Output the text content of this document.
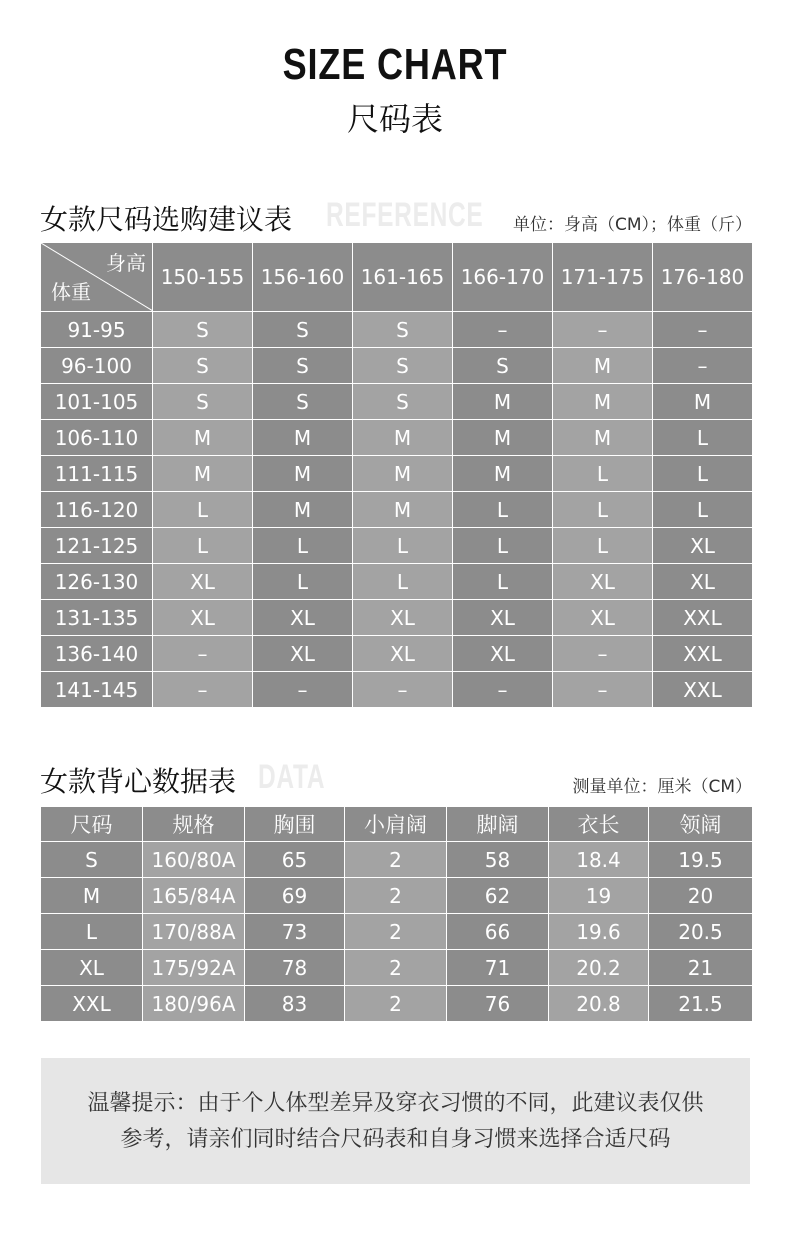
SIZE CHART
尺码表
女款尺码选购建议表 REFERENCE 单位：身高（CM）；体重（斤）
身高
体重	150-155	156-160	161-165	166-170	171-175	176-180
91-95	S	S	S	–	–	–
96-100	S	S	S	S	M	–
101-105	S	S	S	M	M	M
106-110	M	M	M	M	M	L
111-115	M	M	M	M	L	L
116-120	L	M	M	L	L	L
121-125	L	L	L	L	L	XL
126-130	XL	L	L	L	XL	XL
131-135	XL	XL	XL	XL	XL	XXL
136-140	–	XL	XL	XL	–	XXL
141-145	–	–	–	–	–	XXL
女款背心数据表 DATA	测量单位：厘米（CM）
尺码	规格	胸围	小肩阔	脚阔	衣长	领阔
S	160/80A	65	2	58	18.4	19.5
M	165/84A	69	2	62	19	20
L	170/88A	73	2	66	19.6	20.5
XL	175/92A	78	2	71	20.2	21
XXL	180/96A	83	2	76	20.8	21.5
温馨提示：由于个人体型差异及穿衣习惯的不同，此建议表仅供
参考，请亲们同时结合尺码表和自身习惯来选择合适尺码
